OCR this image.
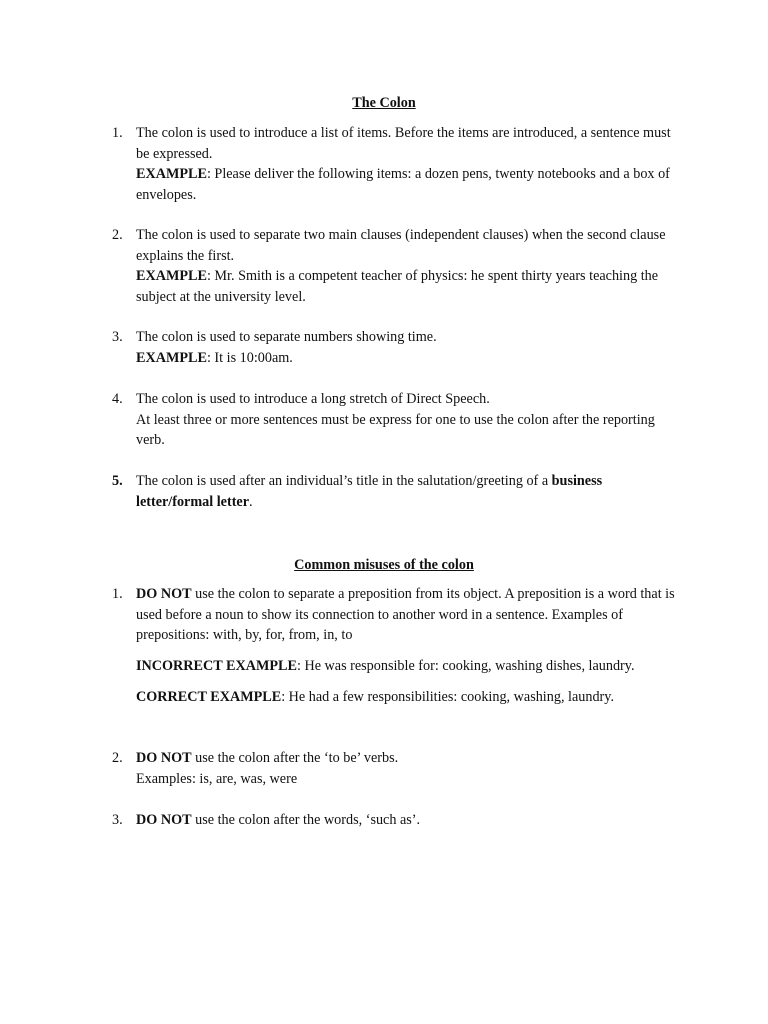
The Colon
1. The colon is used to introduce a list of items. Before the items are introduced, a sentence must be expressed.
EXAMPLE: Please deliver the following items: a dozen pens, twenty notebooks and a box of envelopes.
2. The colon is used to separate two main clauses (independent clauses) when the second clause explains the first.
EXAMPLE: Mr. Smith is a competent teacher of physics: he spent thirty years teaching the subject at the university level.
3. The colon is used to separate numbers showing time.
EXAMPLE: It is 10:00am.
4. The colon is used to introduce a long stretch of Direct Speech.
At least three or more sentences must be express for one to use the colon after the reporting verb.
5. The colon is used after an individual’s title in the salutation/greeting of a business letter/formal letter.
Common misuses of the colon
1. DO NOT use the colon to separate a preposition from its object. A preposition is a word that is used before a noun to show its connection to another word in a sentence. Examples of prepositions: with, by, for, from, in, to
INCORRECT EXAMPLE: He was responsible for: cooking, washing dishes, laundry.
CORRECT EXAMPLE: He had a few responsibilities: cooking, washing, laundry.
2. DO NOT use the colon after the ‘to be’ verbs.
Examples: is, are, was, were
3. DO NOT use the colon after the words, ‘such as’.
